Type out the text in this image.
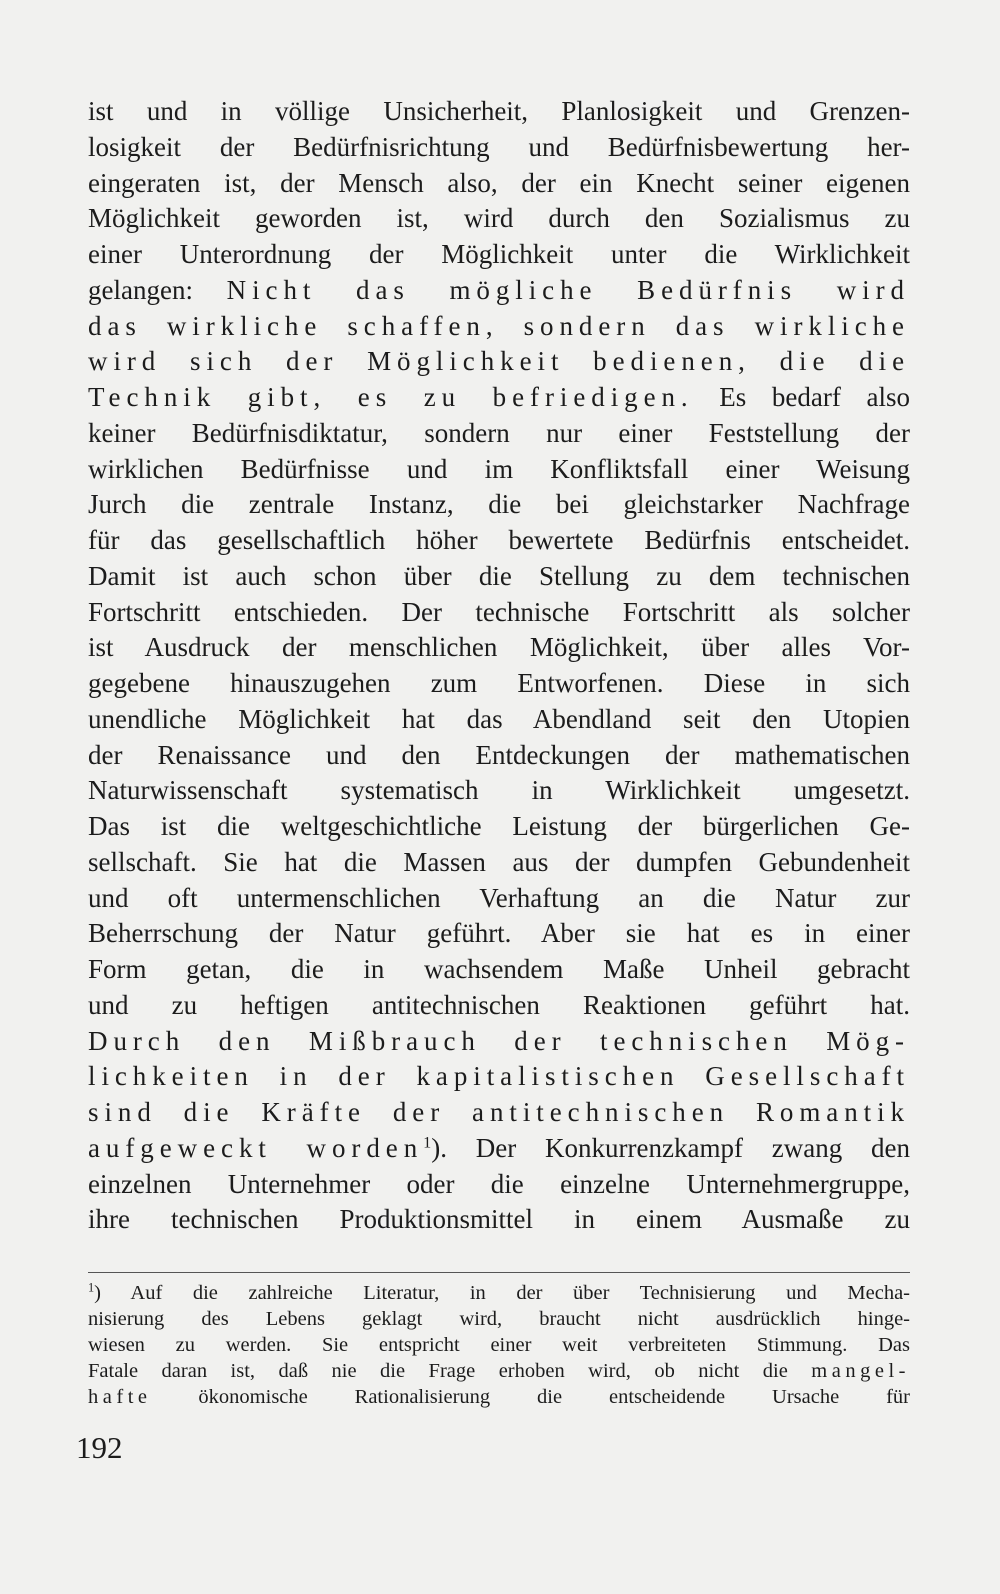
ist und in völlige Unsicherheit, Planlosigkeit und Grenzen-
losigkeit der Bedürfnisrichtung und Bedürfnisbewertung her-
eingeraten ist, der Mensch also, der ein Knecht seiner eigenen
Möglichkeit geworden ist, wird durch den Sozialismus zu
einer Unterordnung der Möglichkeit unter die Wirklichkeit
gelangen: Nicht das mögliche Bedürfnis wird
das wirkliche schaffen, sondern das wirkliche
wird sich der Möglichkeit bedienen, die die
Technik gibt, es zu befriedigen. Es bedarf also
keiner Bedürfnisdiktatur, sondern nur einer Feststellung der
wirklichen Bedürfnisse und im Konfliktsfall einer Weisung
Jurch die zentrale Instanz, die bei gleichstarker Nachfrage
für das gesellschaftlich höher bewertete Bedürfnis entscheidet.
Damit ist auch schon über die Stellung zu dem technischen
Fortschritt entschieden. Der technische Fortschritt als solcher
ist Ausdruck der menschlichen Möglichkeit, über alles Vor-
gegebene hinauszugehen zum Entworfenen. Diese in sich
unendliche Möglichkeit hat das Abendland seit den Utopien
der Renaissance und den Entdeckungen der mathematischen
Naturwissenschaft systematisch in Wirklichkeit umgesetzt.
Das ist die weltgeschichtliche Leistung der bürgerlichen Ge-
sellschaft. Sie hat die Massen aus der dumpfen Gebundenheit
und oft untermenschlichen Verhaftung an die Natur zur
Beherrschung der Natur geführt. Aber sie hat es in einer
Form getan, die in wachsendem Maße Unheil gebracht
und zu heftigen antitechnischen Reaktionen geführt hat.
Durch den Mißbrauch der technischen Mög-
lichkeiten in der kapitalistischen Gesellschaft
sind die Kräfte der antitechnischen Romantik
aufgeweckt worden$^1$). Der Konkurrenzkampf zwang den
einzelnen Unternehmer oder die einzelne Unternehmergruppe,
ihre technischen Produktionsmittel in einem Ausmaße zu
$^1$) Auf die zahlreiche Literatur, in der über Technisierung und Mecha-
nisierung des Lebens geklagt wird, braucht nicht ausdrücklich hinge-
wiesen zu werden. Sie entspricht einer weit verbreiteten Stimmung. Das
Fatale daran ist, daß nie die Frage erhoben wird, ob nicht die mangel-
hafte ökonomische Rationalisierung die entscheidende Ursache für
192
